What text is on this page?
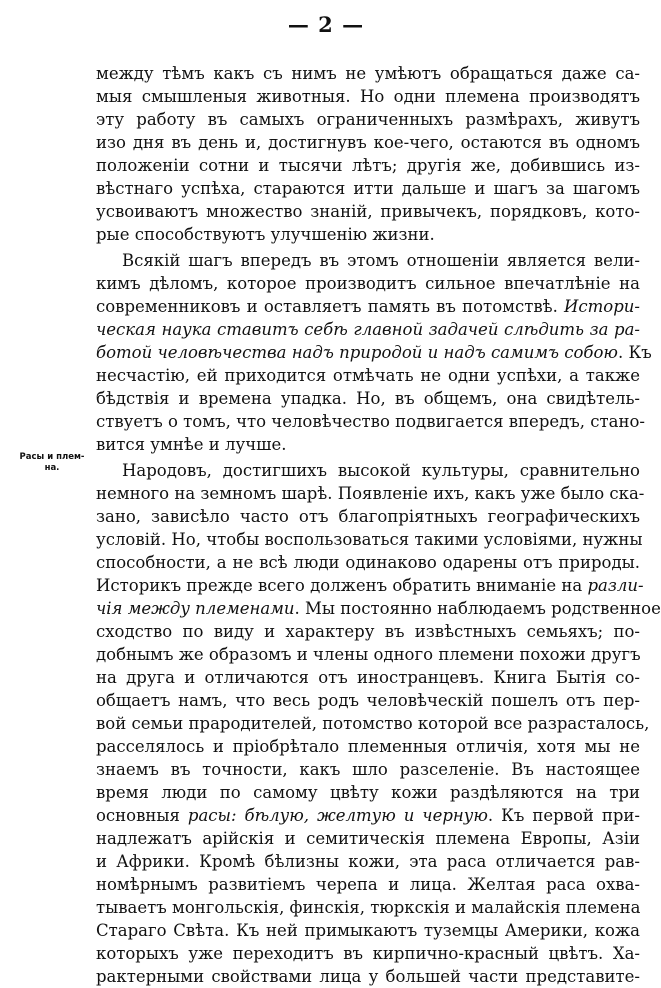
— 2 —
Расы и плем-
на.
между тѣмъ какъ съ нимъ не умѣютъ обращаться даже са-
мыя смышленыя животныя. Но одни племена производятъ
эту работу въ самыхъ ограниченныхъ размѣрахъ, живутъ
изо дня въ день и, достигнувъ кое-чего, остаются въ одномъ
положеніи сотни и тысячи лѣтъ; другія же, добившись из-
вѣстнаго успѣха, стараются итти дальше и шагъ за шагомъ
усвоиваютъ множество знаній, привычекъ, порядковъ, кото-
рые способствуютъ улучшенію жизни.
Всякій шагъ впередъ въ этомъ отношеніи является вели-
кимъ дѣломъ, которое производитъ сильное впечатлѣніе на
современниковъ и оставляетъ память въ потомствѣ. Истори-
ческая наука ставитъ себѣ главной задачей слѣдить за ра-
ботой человѣчества надъ природой и надъ самимъ собою. Къ
несчастію, ей приходится отмѣчать не одни успѣхи, а также
бѣдствія и времена упадка. Но, въ общемъ, она свидѣтель-
ствуетъ о томъ, что человѣчество подвигается впередъ, стано-
вится умнѣе и лучше.
Народовъ, достигшихъ высокой культуры, сравнительно
немного на земномъ шарѣ. Появленіе ихъ, какъ уже было ска-
зано, зависѣло часто отъ благопріятныхъ географическихъ
условій. Но, чтобы воспользоваться такими условіями, нужны
способности, а не всѣ люди одинаково одарены отъ природы.
Историкъ прежде всего долженъ обратить вниманіе на разли-
чія между племенами. Мы постоянно наблюдаемъ родственное
сходство по виду и характеру въ извѣстныхъ семьяхъ; по-
добнымъ же образомъ и члены одного племени похожи другъ
на друга и отличаются отъ иностранцевъ. Книга Бытія со-
общаетъ намъ, что весь родъ человѣческій пошелъ отъ пер-
вой семьи прародителей, потомство которой все разрасталось,
расселялось и пріобрѣтало племенныя отличія, хотя мы не
знаемъ въ точности, какъ шло разселеніе. Въ настоящее
время люди по самому цвѣту кожи раздѣляются на три
основныя расы: бѣлую, желтую и черную. Къ первой при-
надлежатъ арійскія и семитическія племена Европы, Азіи
и Африки. Кромѣ бѣлизны кожи, эта раса отличается рав-
номѣрнымъ развитіемъ черепа и лица. Желтая раса охва-
тываетъ монгольскія, финскія, тюркскія и малайскія племена
Стараго Свѣта. Къ ней примыкаютъ туземцы Америки, кожа
которыхъ уже переходитъ въ кирпично-красный цвѣтъ. Ха-
рактерными свойствами лица у большей части представите-
